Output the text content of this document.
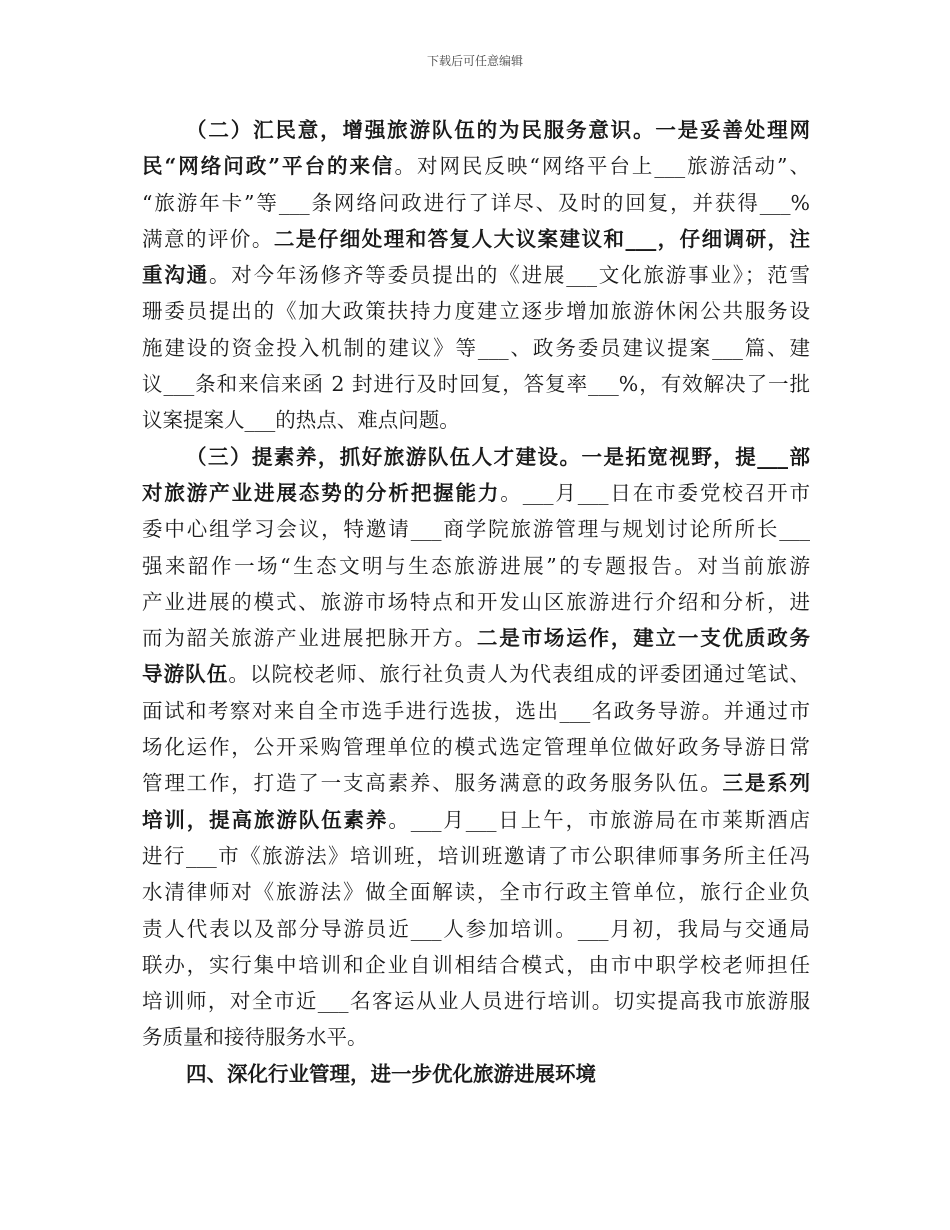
下载后可任意编辑
（二）汇民意，增强旅游队伍的为民服务意识。一是妥善处理网
民“网络问政”平台的来信。对网民反映“网络平台上___旅游活动”、
“旅游年卡”等___条网络问政进行了详尽、及时的回复，并获得___%
满意的评价。二是仔细处理和答复人大议案建议和___，仔细调研，注
重沟通。对今年汤修齐等委员提出的《进展___文化旅游事业》；范雪
珊委员提出的《加大政策扶持力度建立逐步增加旅游休闲公共服务设
施建设的资金投入机制的建议》等___、政务委员建议提案___篇、建
议___条和来信来函 2 封进行及时回复，答复率___%，有效解决了一批
议案提案人___的热点、难点问题。
（三）提素养，抓好旅游队伍人才建设。一是拓宽视野，提___部
对旅游产业进展态势的分析把握能力。___月___日在市委党校召开市
委中心组学习会议，特邀请___商学院旅游管理与规划讨论所所长___
强来韶作一场“生态文明与生态旅游进展”的专题报告。对当前旅游
产业进展的模式、旅游市场特点和开发山区旅游进行介绍和分析，进
而为韶关旅游产业进展把脉开方。二是市场运作，建立一支优质政务
导游队伍。以院校老师、旅行社负责人为代表组成的评委团通过笔试、
面试和考察对来自全市选手进行选拔，选出___名政务导游。并通过市
场化运作，公开采购管理单位的模式选定管理单位做好政务导游日常
管理工作，打造了一支高素养、服务满意的政务服务队伍。三是系列
培训，提高旅游队伍素养。___月___日上午，市旅游局在市莱斯酒店
进行___市《旅游法》培训班，培训班邀请了市公职律师事务所主任冯
水清律师对《旅游法》做全面解读，全市行政主管单位，旅行企业负
责人代表以及部分导游员近___人参加培训。___月初，我局与交通局
联办，实行集中培训和企业自训相结合模式，由市中职学校老师担任
培训师，对全市近___名客运从业人员进行培训。切实提高我市旅游服
务质量和接待服务水平。
四、深化行业管理，进一步优化旅游进展环境
